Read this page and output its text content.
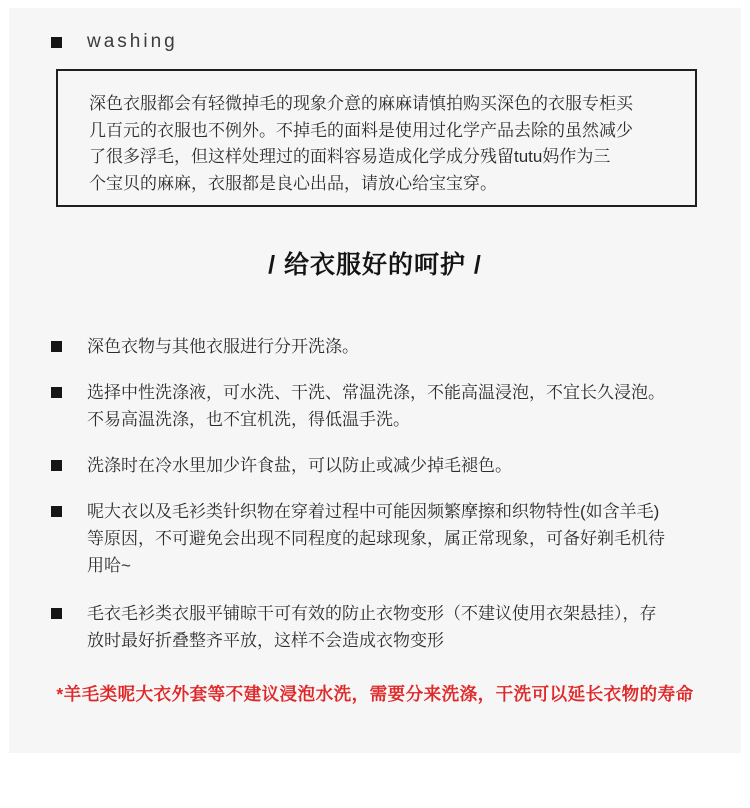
washing
深色衣服都会有轻微掉毛的现象介意的麻麻请慎拍购买深色的衣服专柜买
几百元的衣服也不例外。不掉毛的面料是使用过化学产品去除的虽然减少
了很多浮毛，但这样处理过的面料容易造成化学成分残留tutu妈作为三
个宝贝的麻麻，衣服都是良心出品，请放心给宝宝穿。
/ 给衣服好的呵护 /
深色衣物与其他衣服进行分开洗涤。
选择中性洗涤液，可水洗、干洗、常温洗涤，不能高温浸泡，不宜长久浸泡。
不易高温洗涤，也不宜机洗，得低温手洗。
洗涤时在冷水里加少许食盐，可以防止或减少掉毛褪色。
呢大衣以及毛衫类针织物在穿着过程中可能因频繁摩擦和织物特性(如含羊毛)
等原因，不可避免会出现不同程度的起球现象，属正常现象，可备好剃毛机待
用哈~
毛衣毛衫类衣服平铺晾干可有效的防止衣物变形（不建议使用衣架悬挂），存
放时最好折叠整齐平放，这样不会造成衣物变形
*羊毛类呢大衣外套等不建议浸泡水洗，需要分来洗涤，干洗可以延长衣物的寿命
